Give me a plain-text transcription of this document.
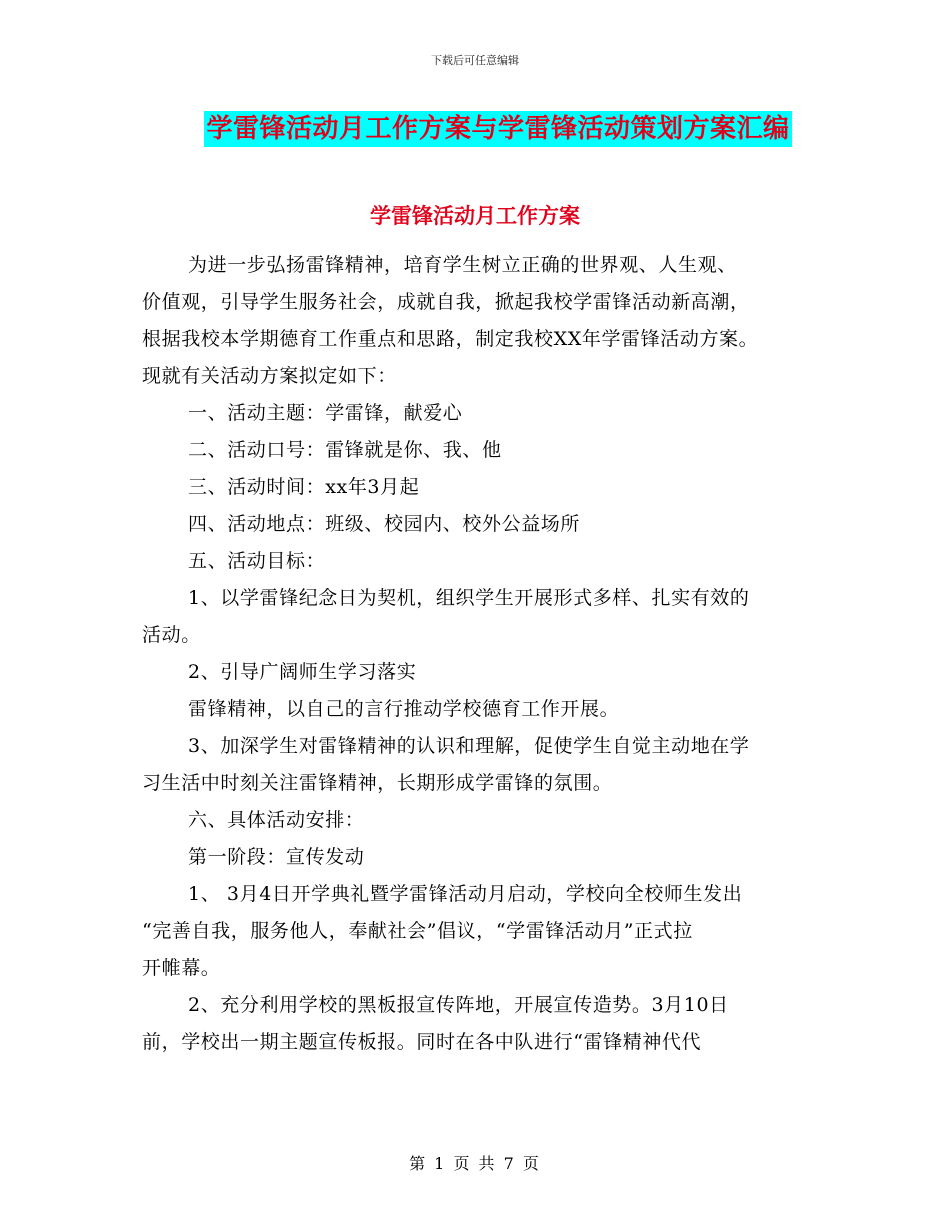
下载后可任意编辑
学雷锋活动月工作方案与学雷锋活动策划方案汇编
学雷锋活动月工作方案
为进一步弘扬雷锋精神，培育学生树立正确的世界观、人生观、
价值观，引导学生服务社会，成就自我，掀起我校学雷锋活动新高潮，
根据我校本学期德育工作重点和思路，制定我校XX年学雷锋活动方案。
现就有关活动方案拟定如下：
一、活动主题：学雷锋，献爱心
二、活动口号：雷锋就是你、我、他
三、活动时间：xx年3月起
四、活动地点：班级、校园内、校外公益场所
五、活动目标：
1、以学雷锋纪念日为契机，组织学生开展形式多样、扎实有效的
活动。
2、引导广阔师生学习落实
雷锋精神，以自己的言行推动学校德育工作开展。
3、加深学生对雷锋精神的认识和理解，促使学生自觉主动地在学
习生活中时刻关注雷锋精神，长期形成学雷锋的氛围。
六、具体活动安排：
第一阶段：宣传发动
1、 3月4日开学典礼暨学雷锋活动月启动，学校向全校师生发出
“完善自我，服务他人，奉献社会”倡议，“学雷锋活动月”正式拉
开帷幕。
2、充分利用学校的黑板报宣传阵地，开展宣传造势。3月10日
前，学校出一期主题宣传板报。同时在各中队进行“雷锋精神代代
第 1 页 共 7 页
